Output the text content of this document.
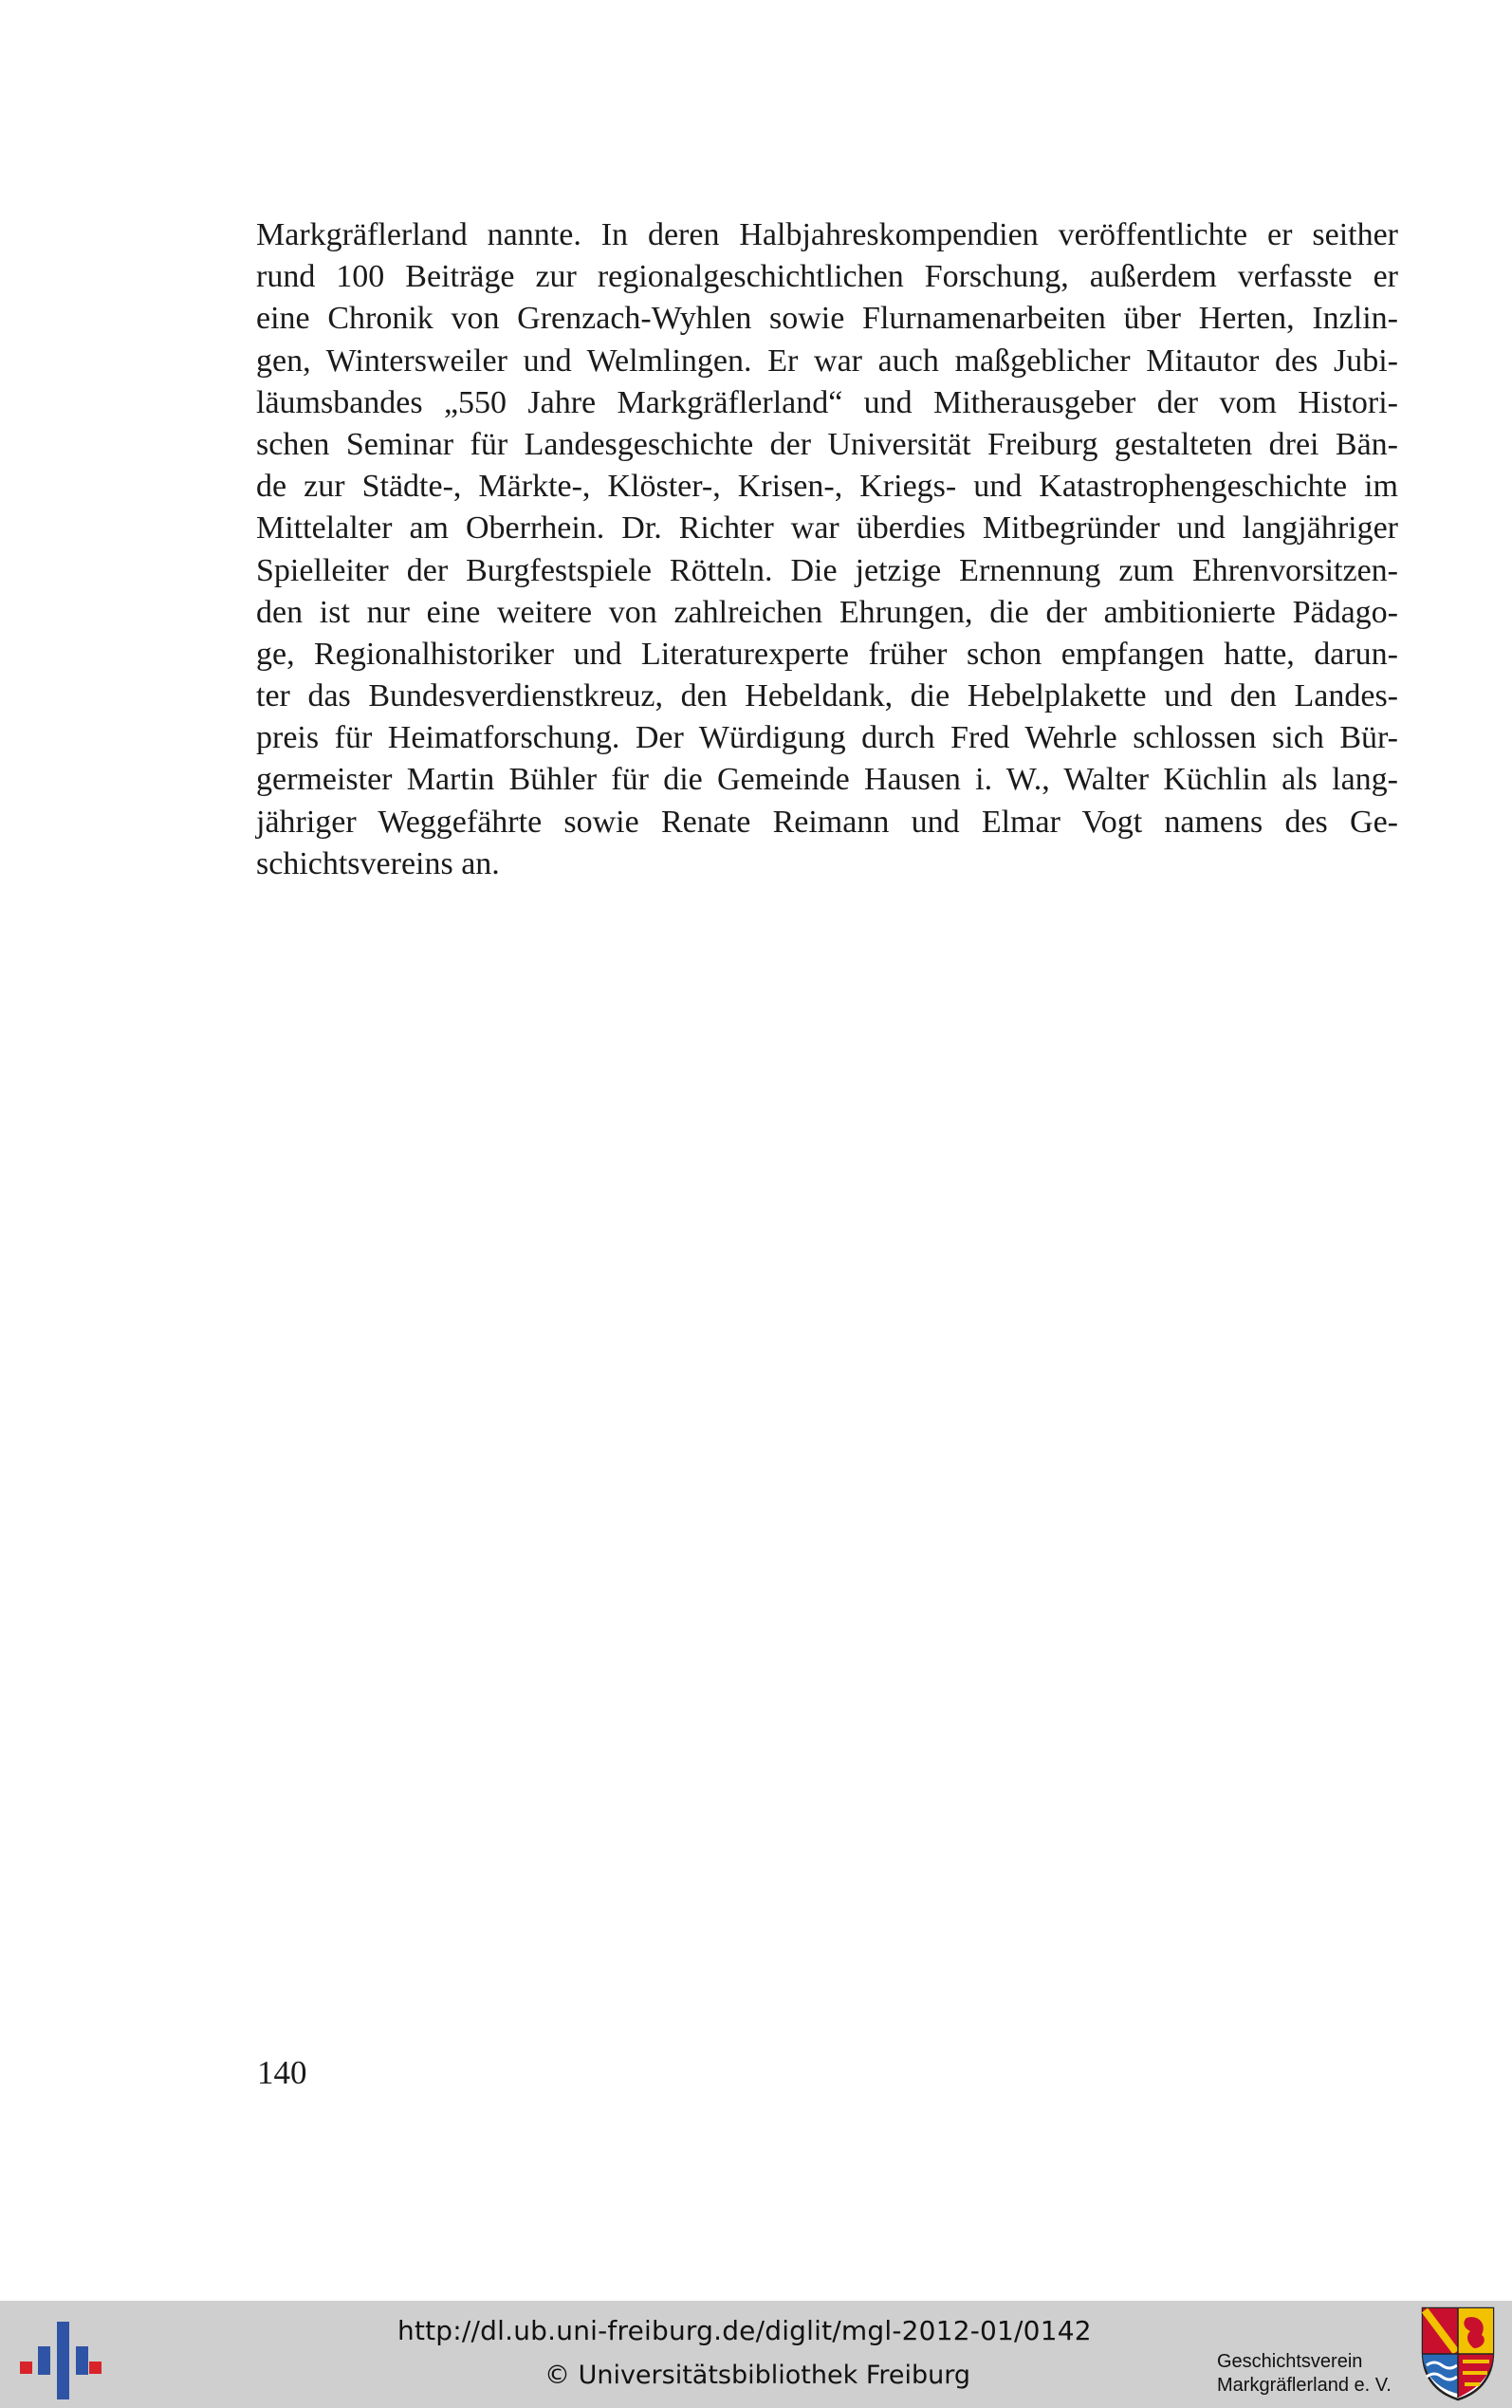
Markgräflerland nannte. In deren Halbjahreskompendien veröffentlichte er seither
rund 100 Beiträge zur regionalgeschichtlichen Forschung, außerdem verfasste er
eine Chronik von Grenzach-Wyhlen sowie Flurnamenarbeiten über Herten, Inzlin-
gen, Wintersweiler und Welmlingen. Er war auch maßgeblicher Mitautor des Jubi-
läumsbandes „550 Jahre Markgräflerland“ und Mitherausgeber der vom Histori-
schen Seminar für Landesgeschichte der Universität Freiburg gestalteten drei Bän-
de zur Städte-, Märkte-, Klöster-, Krisen-, Kriegs- und Katastrophengeschichte im
Mittelalter am Oberrhein. Dr. Richter war überdies Mitbegründer und langjähriger
Spielleiter der Burgfestspiele Rötteln. Die jetzige Ernennung zum Ehrenvorsitzen-
den ist nur eine weitere von zahlreichen Ehrungen, die der ambitionierte Pädago-
ge, Regionalhistoriker und Literaturexperte früher schon empfangen hatte, darun-
ter das Bundesverdienstkreuz, den Hebeldank, die Hebelplakette und den Landes-
preis für Heimatforschung. Der Würdigung durch Fred Wehrle schlossen sich Bür-
germeister Martin Bühler für die Gemeinde Hausen i. W., Walter Küchlin als lang-
jähriger Weggefährte sowie Renate Reimann und Elmar Vogt namens des Ge-
schichtsvereins an.
140
http://dl.ub.uni-freiburg.de/diglit/mgl-2012-01/0142
© Universitätsbibliothek Freiburg	Geschichtsverein
Markgräflerland e. V.
